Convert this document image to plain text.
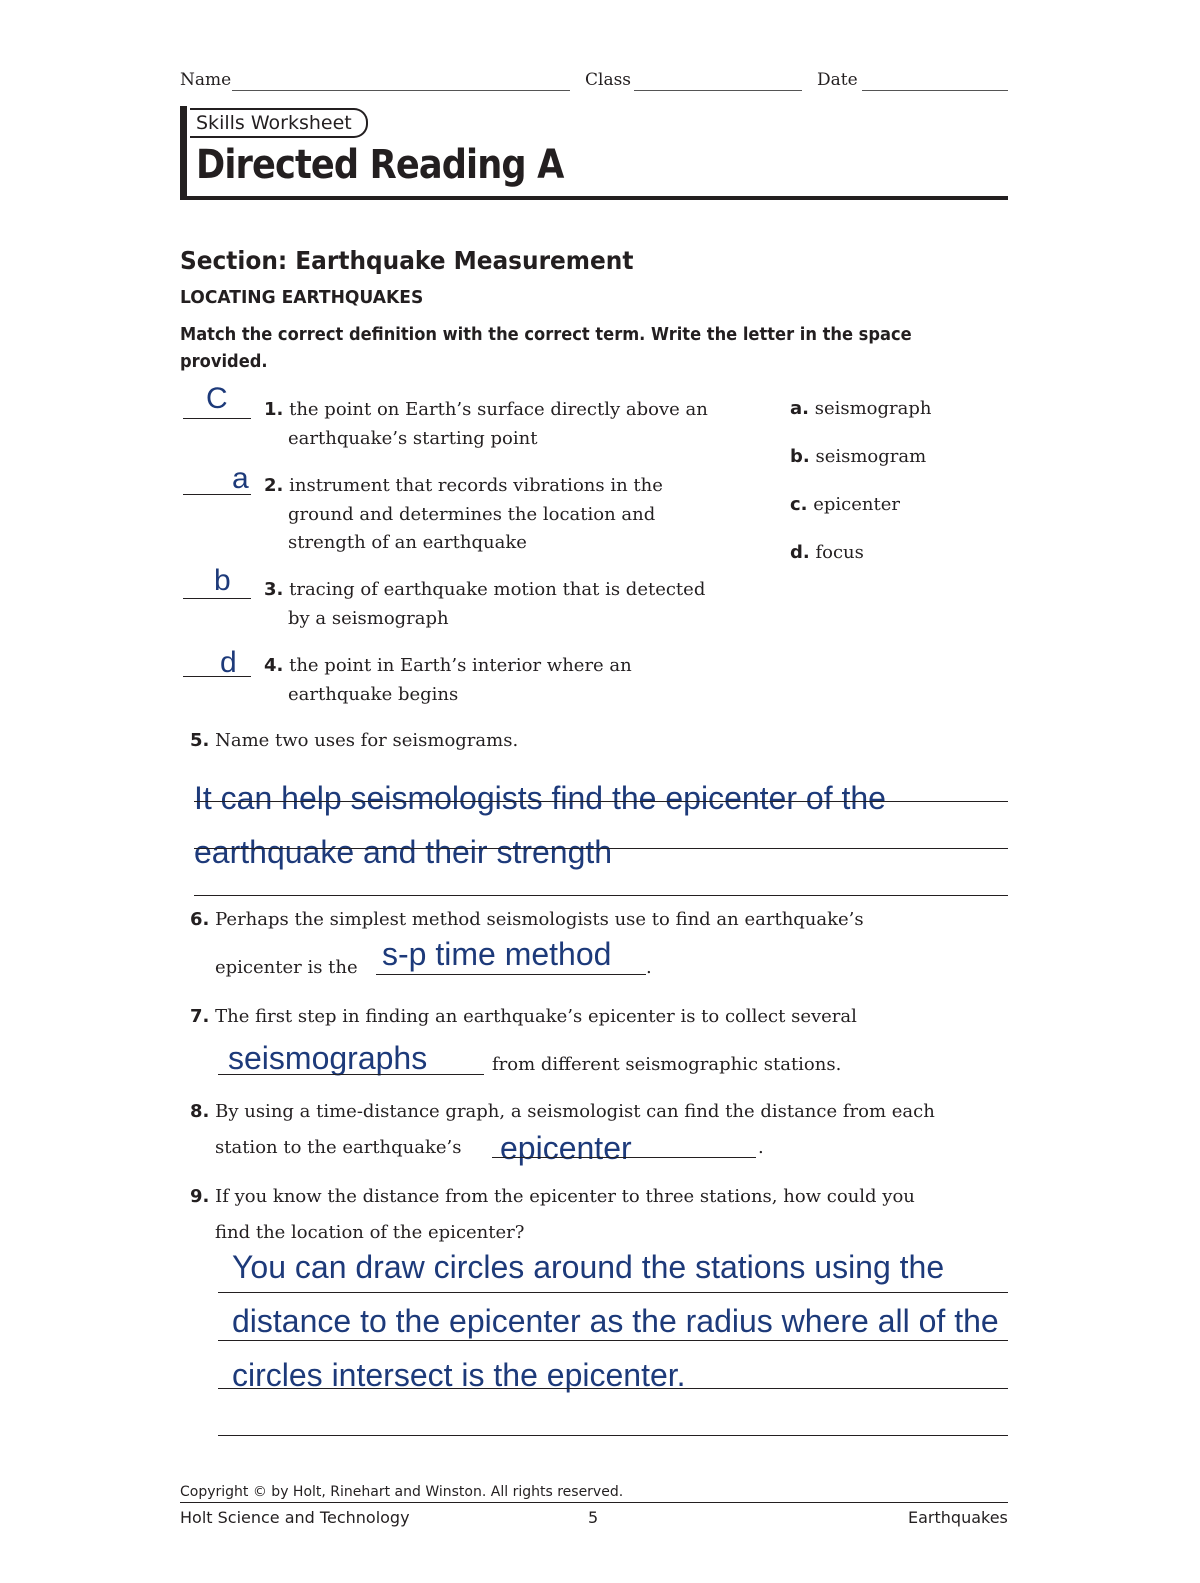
Name	Class	Date
Skills Worksheet
Directed Reading A
Section: Earthquake Measurement
LOCATING EARTHQUAKES
Match the correct definition with the correct term. Write the letter in the space provided.
C 1. the point on Earth’s surface directly above an
earthquake’s starting point
a 2. instrument that records vibrations in the
ground and determines the location and
strength of an earthquake
b 3. tracing of earthquake motion that is detected
by a seismograph
d 4. the point in Earth’s interior where an
earthquake begins
a. seismograph
b. seismogram
c. epicenter
d. focus
5. Name two uses for seismograms.
It can help seismologists find the epicenter of the
earthquake and their strength
6. Perhaps the simplest method seismologists use to find an earthquake’s
epicenter is the s-p time method .
7. The first step in finding an earthquake’s epicenter is to collect several
seismographs	from different seismographic stations.
8. By using a time-distance graph, a seismologist can find the distance from each
station to the earthquake’s epicenter	.
9. If you know the distance from the epicenter to three stations, how could you
find the location of the epicenter?
You can draw circles around the stations using the
distance to the epicenter as the radius where all of the
circles intersect is the epicenter.
Copyright © by Holt, Rinehart and Winston. All rights reserved.
Holt Science and Technology	5	Earthquakes
